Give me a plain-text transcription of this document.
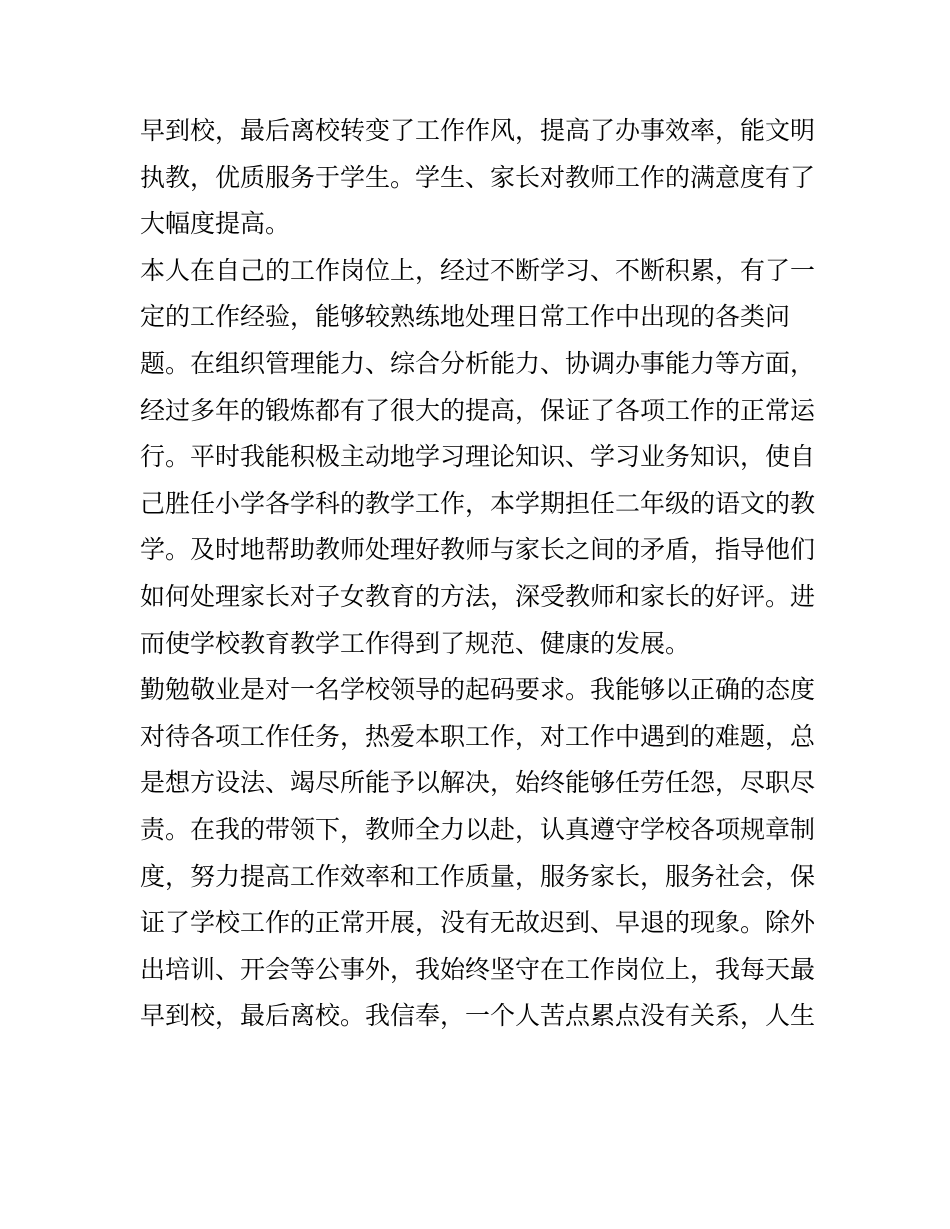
早到校，最后离校转变了工作作风，提高了办事效率，能文明
执教，优质服务于学生。学生、家长对教师工作的满意度有了
大幅度提高。
本人在自己的工作岗位上，经过不断学习、不断积累，有了一
定的工作经验，能够较熟练地处理日常工作中出现的各类问
题。在组织管理能力、综合分析能力、协调办事能力等方面，
经过多年的锻炼都有了很大的提高，保证了各项工作的正常运
行。平时我能积极主动地学习理论知识、学习业务知识，使自
己胜任小学各学科的教学工作，本学期担任二年级的语文的教
学。及时地帮助教师处理好教师与家长之间的矛盾，指导他们
如何处理家长对子女教育的方法，深受教师和家长的好评。进
而使学校教育教学工作得到了规范、健康的发展。
勤勉敬业是对一名学校领导的起码要求。我能够以正确的态度
对待各项工作任务，热爱本职工作，对工作中遇到的难题，总
是想方设法、竭尽所能予以解决，始终能够任劳任怨，尽职尽
责。在我的带领下，教师全力以赴，认真遵守学校各项规章制
度，努力提高工作效率和工作质量，服务家长，服务社会，保
证了学校工作的正常开展，没有无故迟到、早退的现象。除外
出培训、开会等公事外，我始终坚守在工作岗位上，我每天最
早到校，最后离校。我信奉，一个人苦点累点没有关系，人生
